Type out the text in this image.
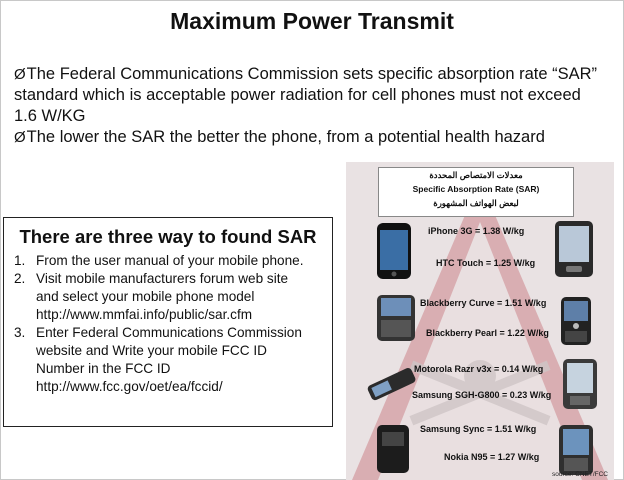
Maximum Power Transmit

ØThe Federal Communications Commission sets specific absorption rate “SAR”
standard which is acceptable power radiation for cell phones must not exceed
1.6 W/KG

ØThe lower the SAR the better the phone, from a potential health hazard

There are three way to found SAR
1. From the user manual of your mobile phone.
2. Visit mobile manufacturers forum web site
and select your mobile phone model
http://www.mmfai.info/public/sar.cfm
3. Enter Federal Communications Commission
website and Write your mobile FCC ID
Number in the FCC ID
http://www.fcc.gov/oet/ea/fccid/
معدلات الامتصاص المحددة
Specific Absorption Rate (SAR)
لبعض الهواتف المشهورة
iPhone 3G = 1.38 W/kg
HTC Touch = 1.25 W/kg
Blackberry Curve = 1.51 W/kg
Blackberry Pearl = 1.22 W/kg
Motorola Razr v3x = 0.14 W/kg
Samsung SGH-G800 = 0.23 W/kg
Samsung Sync = 1.51 W/kg
Nokia N95 = 1.27 W/kg
source: CNET/FCC
